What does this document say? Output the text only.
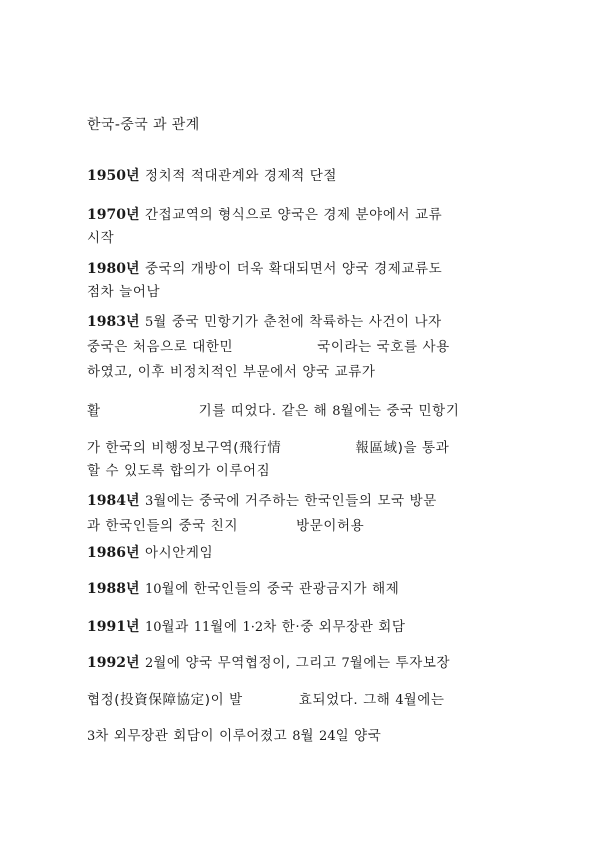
한국-중국 과 관계
1950년 정치적 적대관계와 경제적 단절
1970년 간접교역의 형식으로 양국은 경제 분야에서 교류
시작
1980년 중국의 개방이 더욱 확대되면서 양국 경제교류도
점차 늘어남
1983년 5월 중국 민항기가 춘천에 착륙하는 사건이 나자
중국은 처음으로 대한민	국이라는 국호를 사용
하였고, 이후 비정치적인 부문에서 양국 교류가
활	기를 띠었다. 같은 해 8월에는 중국 민항기
가 한국의 비행정보구역(飛行情	報區域)을 통과
할 수 있도록 합의가 이루어짐
1984년 3월에는 중국에 거주하는 한국인들의 모국 방문
과 한국인들의 중국 친지	방문이허용
1986년 아시안게임
1988년 10월에 한국인들의 중국 관광금지가 해제
1991년 10월과 11월에 1·2차 한·중 외무장관 회담
1992년 2월에 양국 무역협정이, 그리고 7월에는 투자보장
협정(投資保障協定)이 발	효되었다. 그해 4월에는
3차 외무장관 회담이 이루어졌고 8월 24일 양국
